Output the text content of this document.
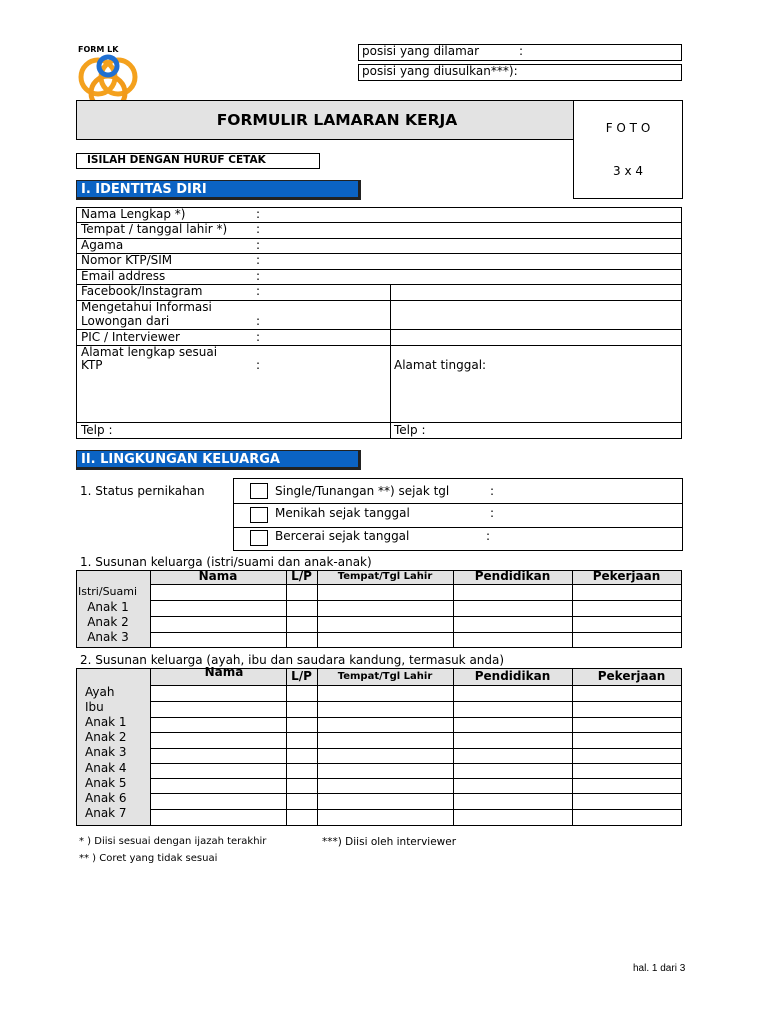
FORM LK	posisi yang dilamar	:
posisi yang diusulkan***):
FORMULIR LAMARAN KERJA	F O T O
3 x 4
ISILAH DENGAN HURUF CETAK
I. IDENTITAS DIRI
Nama Lengkap *)	:
Tempat / tanggal lahir *) :
Agama	:
Nomor KTP/SIM	:
Email address	:
Facebook/Instagram	:
Mengetahui Informasi
Lowongan dari	:
PIC / Interviewer	:
Alamat lengkap sesuai
KTP	:	Alamat tinggal:
Telp :	Telp :
II. LINGKUNGAN KELUARGA
1. Status pernikahan	Single/Tunangan **) sejak tgl	:
Menikah sejak tanggal	:
Bercerai sejak tanggal	:
1. Susunan keluarga (istri/suami dan anak-anak)
Nama	L/P	Tempat/Tgl Lahir	Pendidikan	Pekerjaan
Istri/Suami
Anak 1
Anak 2
Anak 3
2. Susunan keluarga (ayah, ibu dan saudara kandung, termasuk anda)
Nama	L/P	Tempat/Tgl Lahir	Pendidikan	Pekerjaan
Ayah
Ibu
Anak 1
Anak 2
Anak 3
Anak 4
Anak 5
Anak 6
Anak 7
* ) Diisi sesuai dengan ijazah terakhir	***) Diisi oleh interviewer
** ) Coret yang tidak sesuai
hal. 1 dari 3
